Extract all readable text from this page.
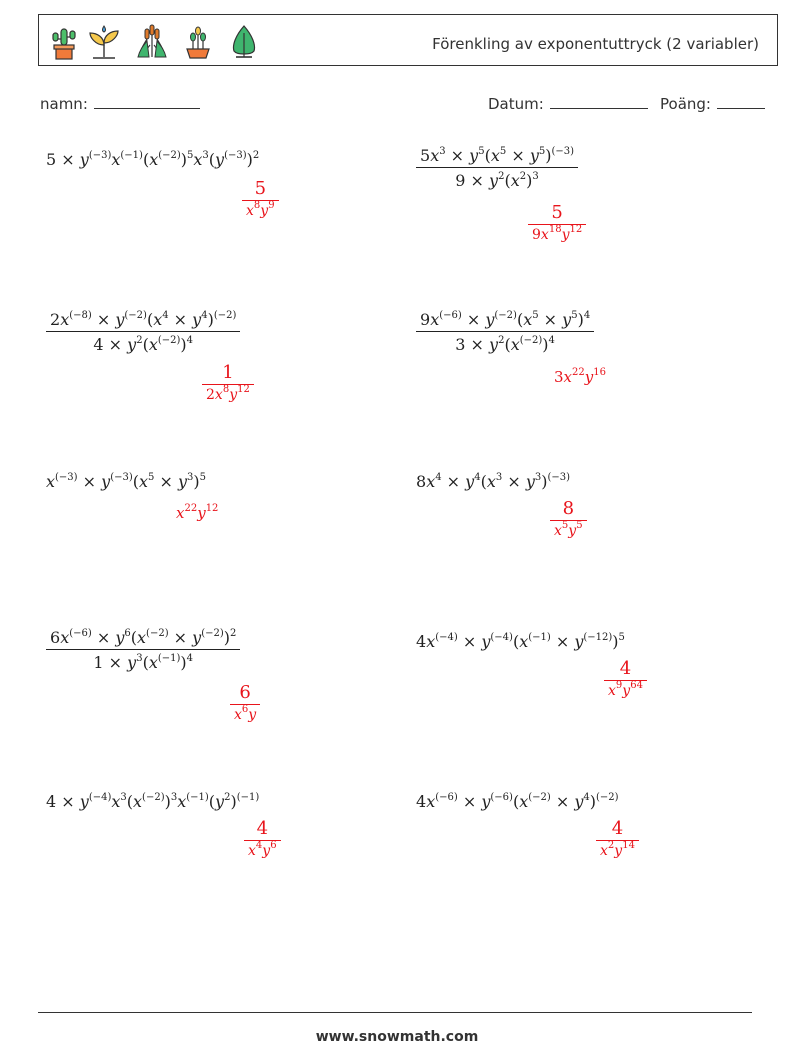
Förenkling av exponentuttryck (2 variabler)
namn:	Datum:	Poäng:
$5 \times y^{(-3)}x^{(-1)}(x^{(-2)})^5x^3(y^{(-3)})^2$
$\frac{5}{x^8y^9}$
$\frac{5x^3 \times y^5(x^5 \times y^5)^{(-3)}}{9 \times y^2(x^2)^3}$
$\frac{5}{9x^{18}y^{12}}$
$\frac{2x^{(-8)} \times y^{(-2)}(x^4 \times y^4)^{(-2)}}{4 \times y^2(x^{(-2)})^4}$
$\frac{1}{2x^8y^{12}}$
$\frac{9x^{(-6)} \times y^{(-2)}(x^5 \times y^5)^4}{3 \times y^2(x^{(-2)})^4}$
$3x^{22}y^{16}$
$x^{(-3)} \times y^{(-3)}(x^5 \times y^3)^5$
$x^{22}y^{12}$
$8x^4 \times y^4(x^3 \times y^3)^{(-3)}$
$\frac{8}{x^5y^5}$
$\frac{6x^{(-6)} \times y^6(x^{(-2)} \times y^{(-2)})^2}{1 \times y^3(x^{(-1)})^4}$
$\frac{6}{x^6y}$
$4x^{(-4)} \times y^{(-4)}(x^{(-1)} \times y^{(-12)})^5$
$\frac{4}{x^9y^{64}}$
$4 \times y^{(-4)}x^3(x^{(-2)})^3x^{(-1)}(y^2)^{(-1)}$
$\frac{4}{x^4y^6}$
$4x^{(-6)} \times y^{(-6)}(x^{(-2)} \times y^4)^{(-2)}$
$\frac{4}{x^2y^{14}}$
www.snowmath.com
